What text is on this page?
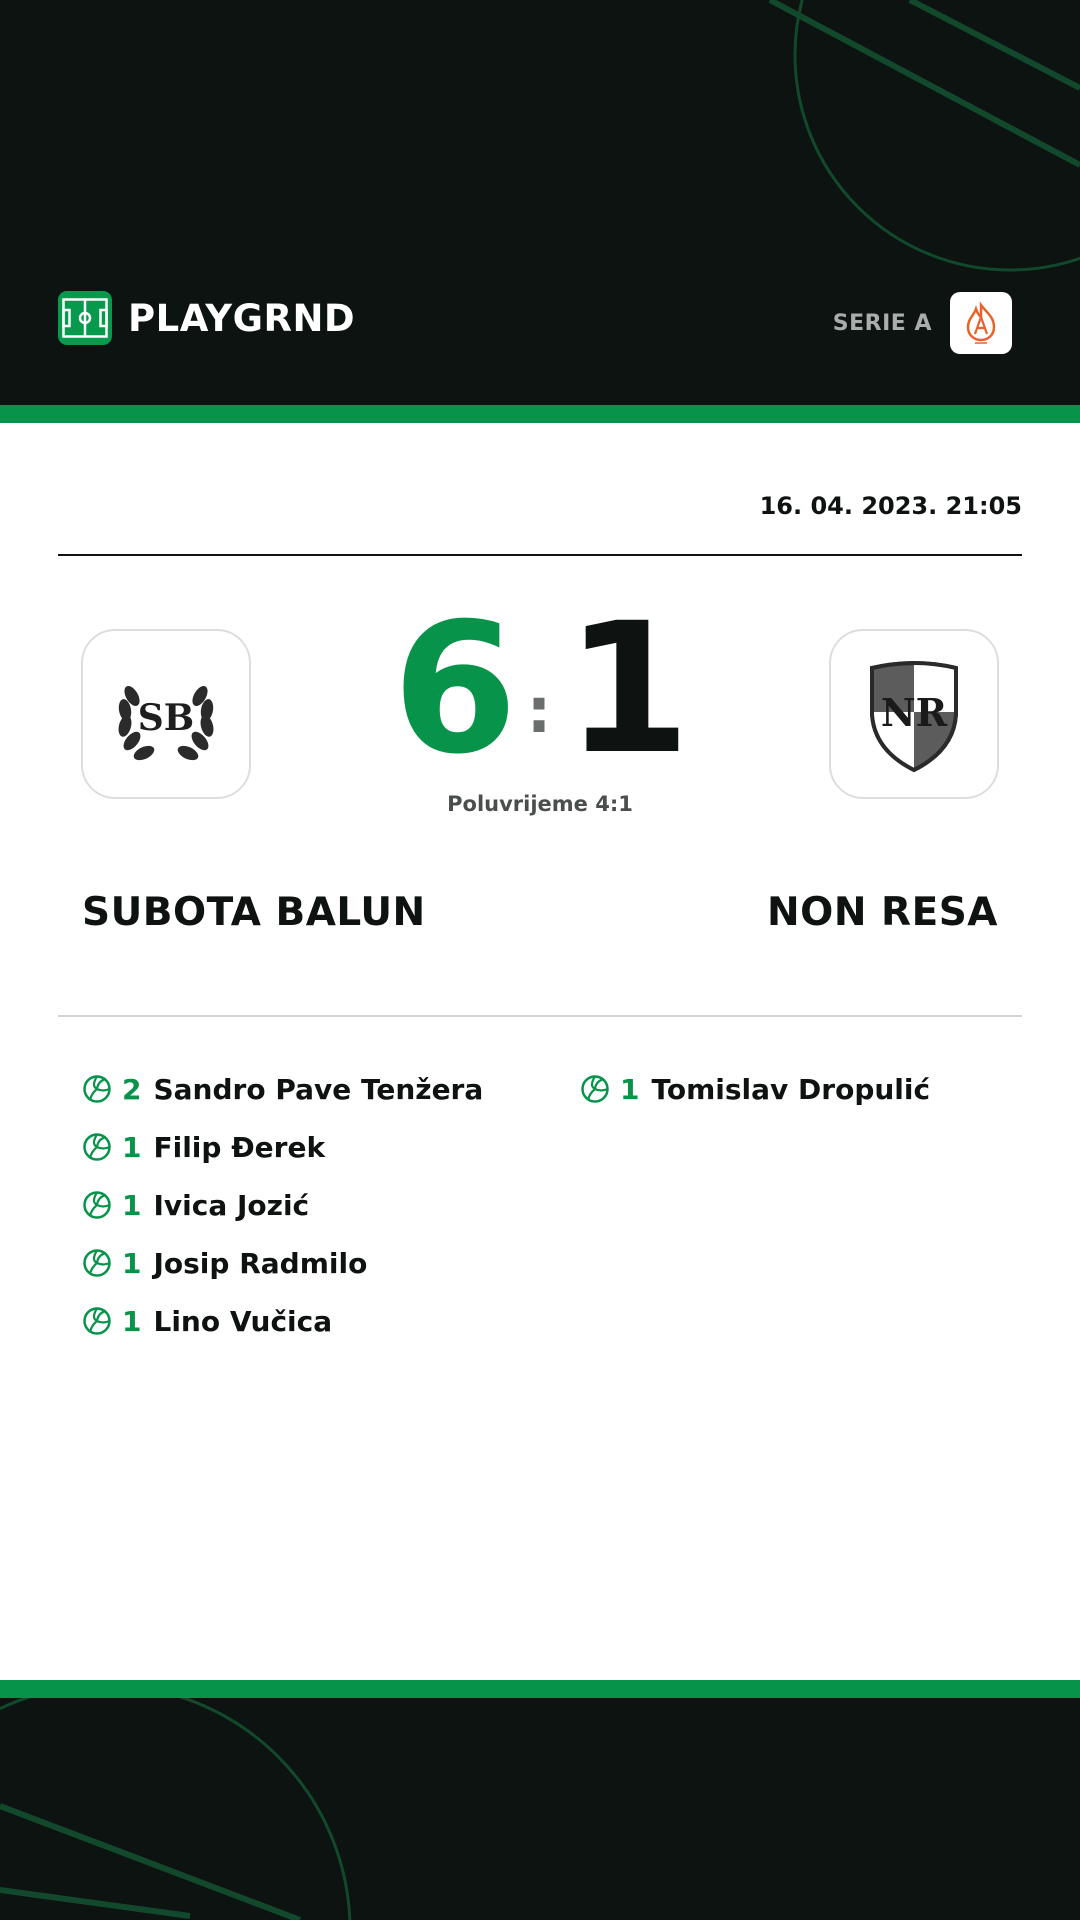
PLAYGRND	SERIE A
16. 04. 2023. 21:05
SB 6 : 1	NR
Poluvrijeme 4:1
SUBOTA BALUN	NON RESA
2 Sandro Pave Tenžera
1 Filip Đerek
1 Ivica Jozić
1 Josip Radmilo
1 Lino Vučica
1 Tomislav Dropulić
